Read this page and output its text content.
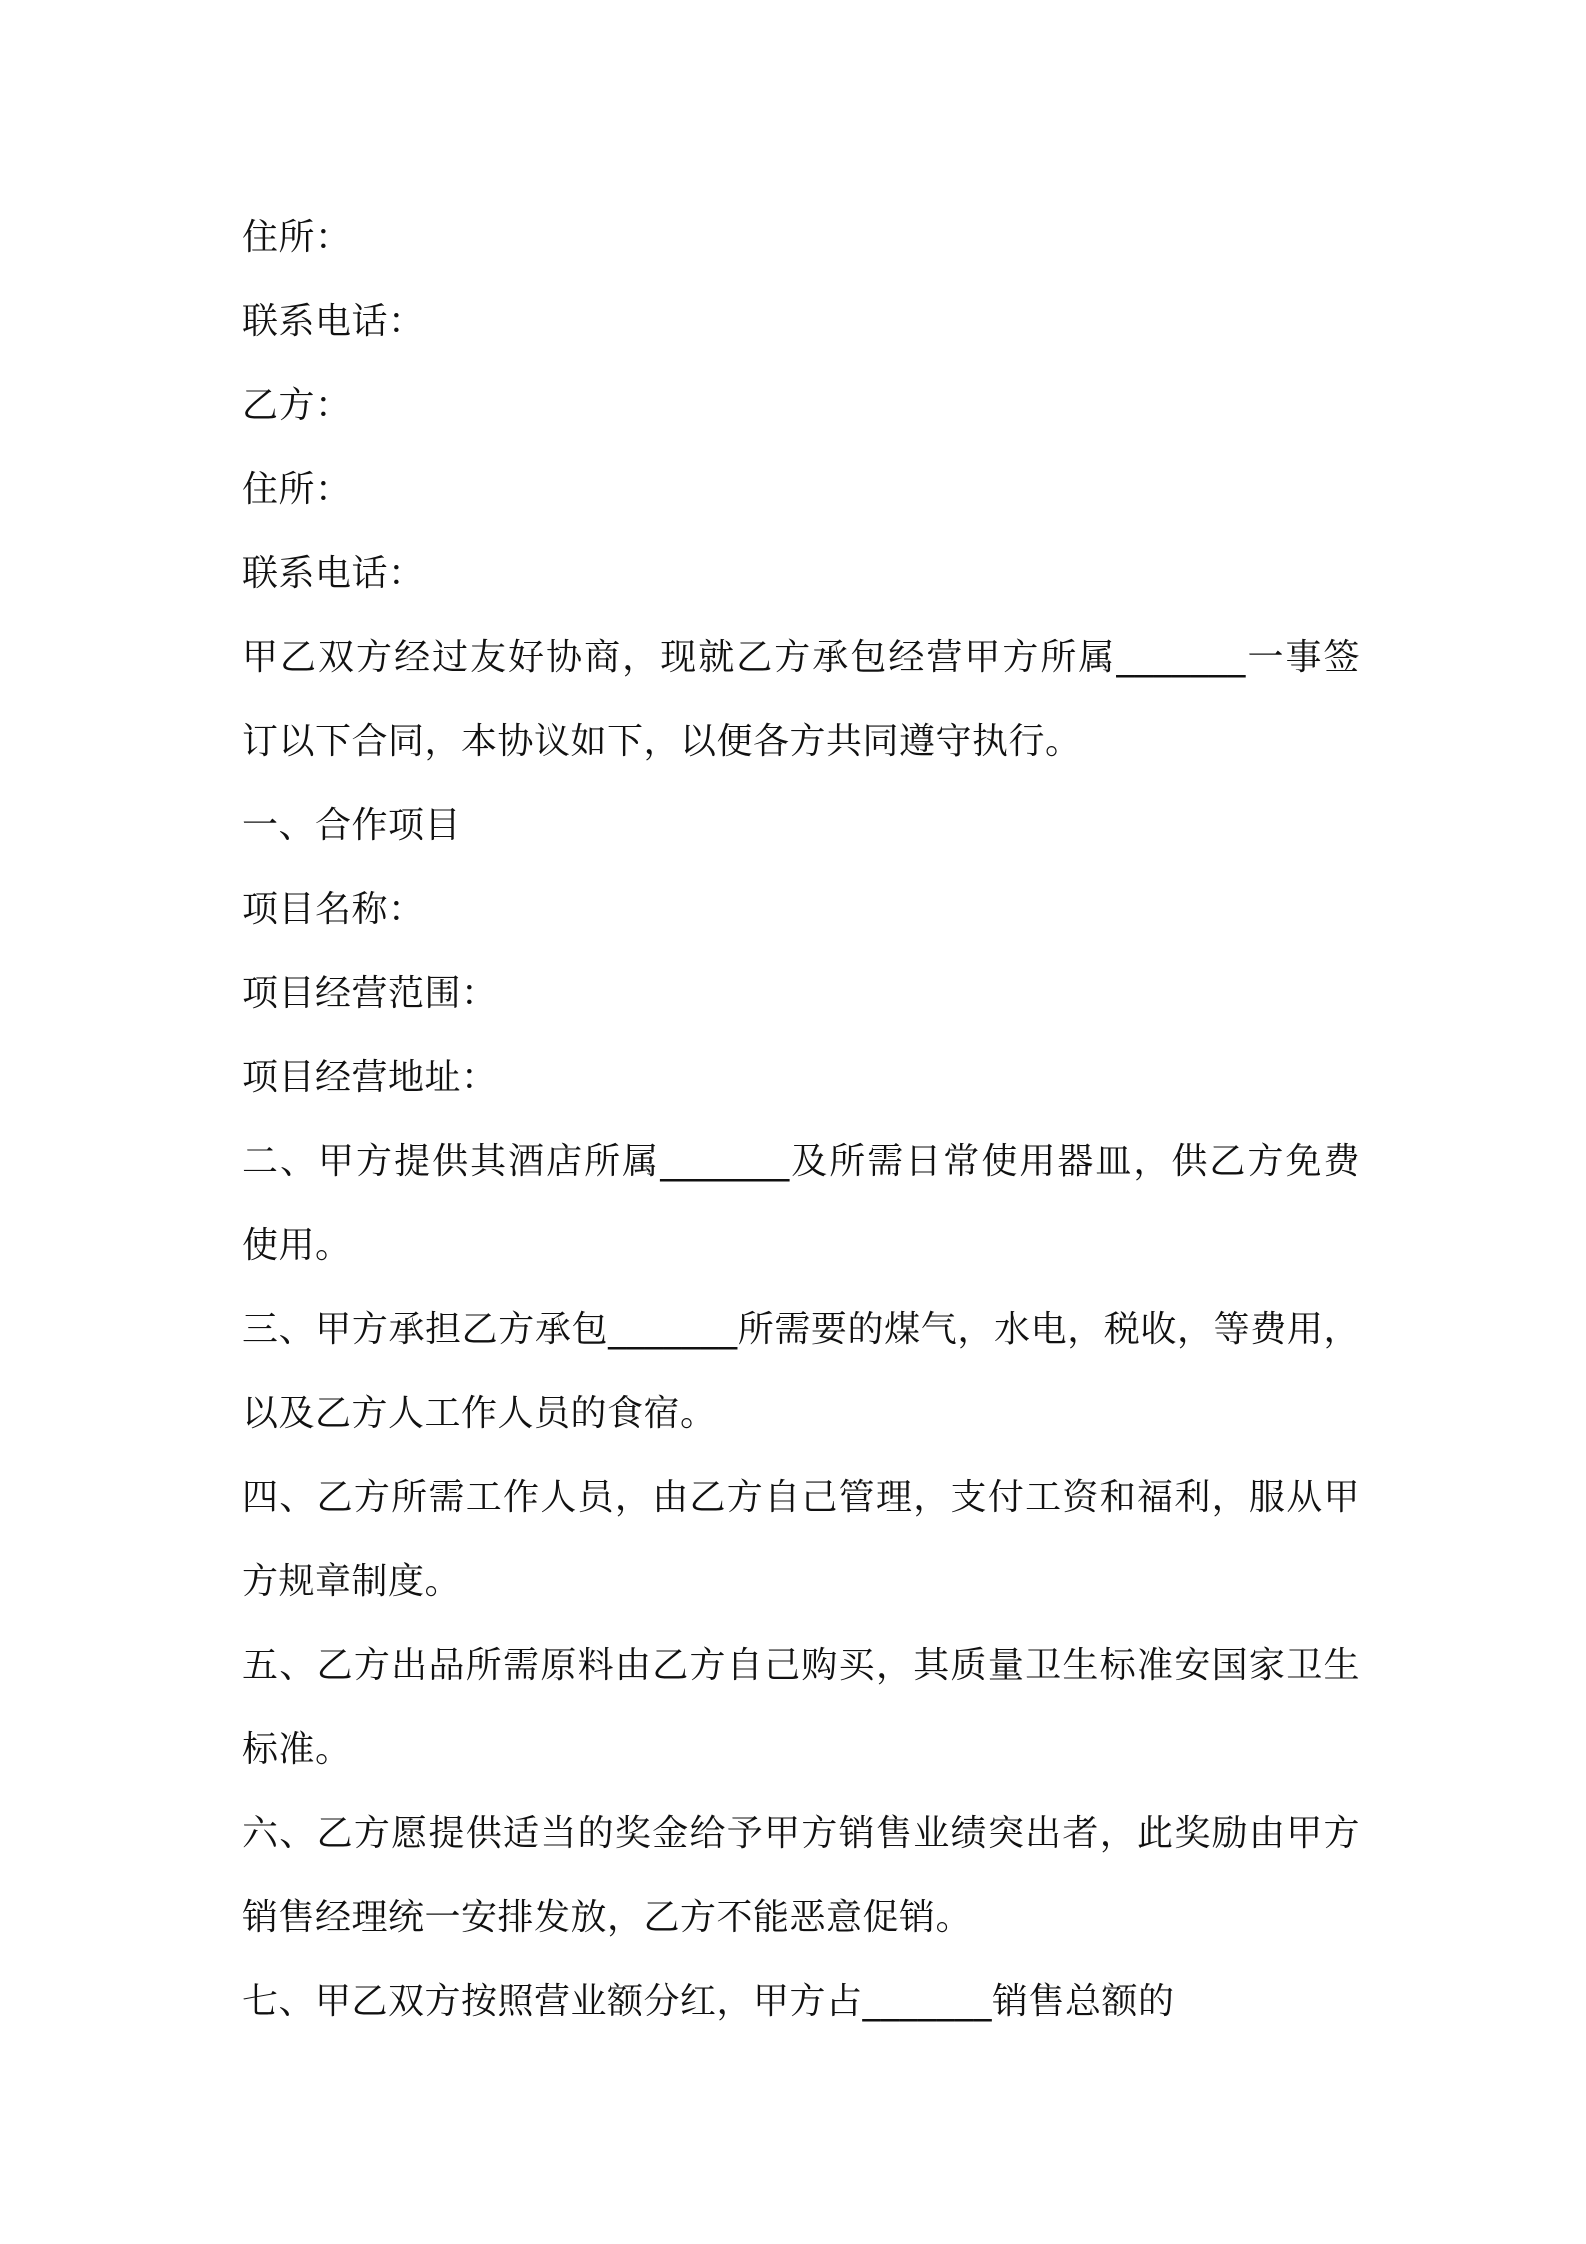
住所：
联系电话：
乙方：
住所：
联系电话：
甲乙双方经过友好协商，现就乙方承包经营甲方所属_______一事签
订以下合同，本协议如下，以便各方共同遵守执行。
一、合作项目
项目名称：
项目经营范围：
项目经营地址：
二、甲方提供其酒店所属_______及所需日常使用器皿，供乙方免费
使用。
三、甲方承担乙方承包_______所需要的煤气，水电，税收，等费用，
以及乙方人工作人员的食宿。
四、乙方所需工作人员，由乙方自己管理，支付工资和福利，服从甲
方规章制度。
五、乙方出品所需原料由乙方自己购买，其质量卫生标准安国家卫生
标准。
六、乙方愿提供适当的奖金给予甲方销售业绩突出者，此奖励由甲方
销售经理统一安排发放，乙方不能恶意促销。
七、甲乙双方按照营业额分红，甲方占_______销售总额的
